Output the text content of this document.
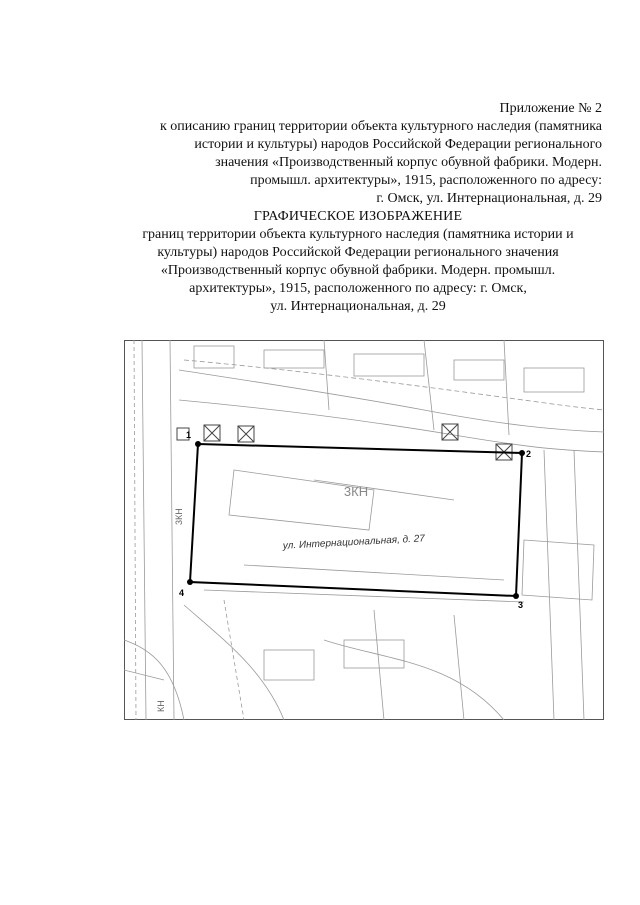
Приложение № 2
к описанию границ территории объекта культурного наследия (памятника
истории и культуры) народов Российской Федерации регионального
значения «Производственный корпус обувной фабрики. Модерн.
промышл. архитектуры», 1915, расположенного по адресу:
г. Омск, ул. Интернациональная, д. 29
ГРАФИЧЕСКОЕ ИЗОБРАЖЕНИЕ
границ территории объекта культурного наследия (памятника истории и
культуры) народов Российской Федерации регионального значения
«Производственный корпус обувной фабрики. Модерн. промышл.
архитектуры», 1915, расположенного по адресу: г. Омск,
ул. Интернациональная, д. 29
1
2
3
4
3КН
ул. Интернациональная, д. 27
3КН
КН
